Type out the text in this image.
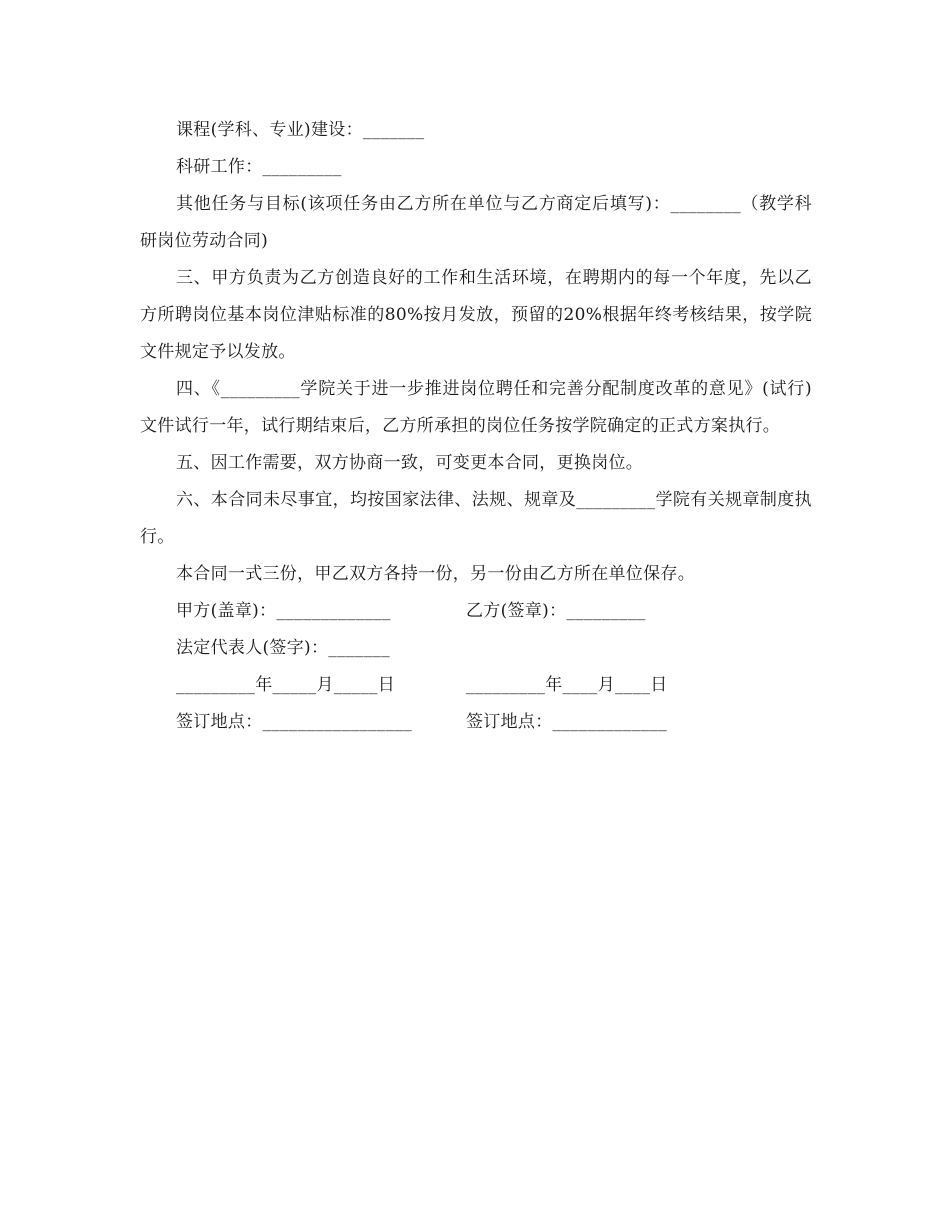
课程(学科、专业)建设：_______

科研工作：_________

其他任务与目标(该项任务由乙方所在单位与乙方商定后填写)：________（教学科研岗位劳动合同)

三、甲方负责为乙方创造良好的工作和生活环境，在聘期内的每一个年度，先以乙方所聘岗位基本岗位津贴标准的80%按月发放，预留的20%根据年终考核结果，按学院文件规定予以发放。

四、《_________学院关于进一步推进岗位聘任和完善分配制度改革的意见》(试行)文件试行一年，试行期结束后，乙方所承担的岗位任务按学院确定的正式方案执行。

五、因工作需要，双方协商一致，可变更本合同，更换岗位。

六、本合同未尽事宜，均按国家法律、法规、规章及_________学院有关规章制度执行。

本合同一式三份，甲乙双方各持一份，另一份由乙方所在单位保存。

甲方(盖章)：_____________	乙方(签章)：_________
法定代表人(签字)：_______
_________年_____月_____日	_________年____月____日
签订地点：_________________	签订地点：_____________
